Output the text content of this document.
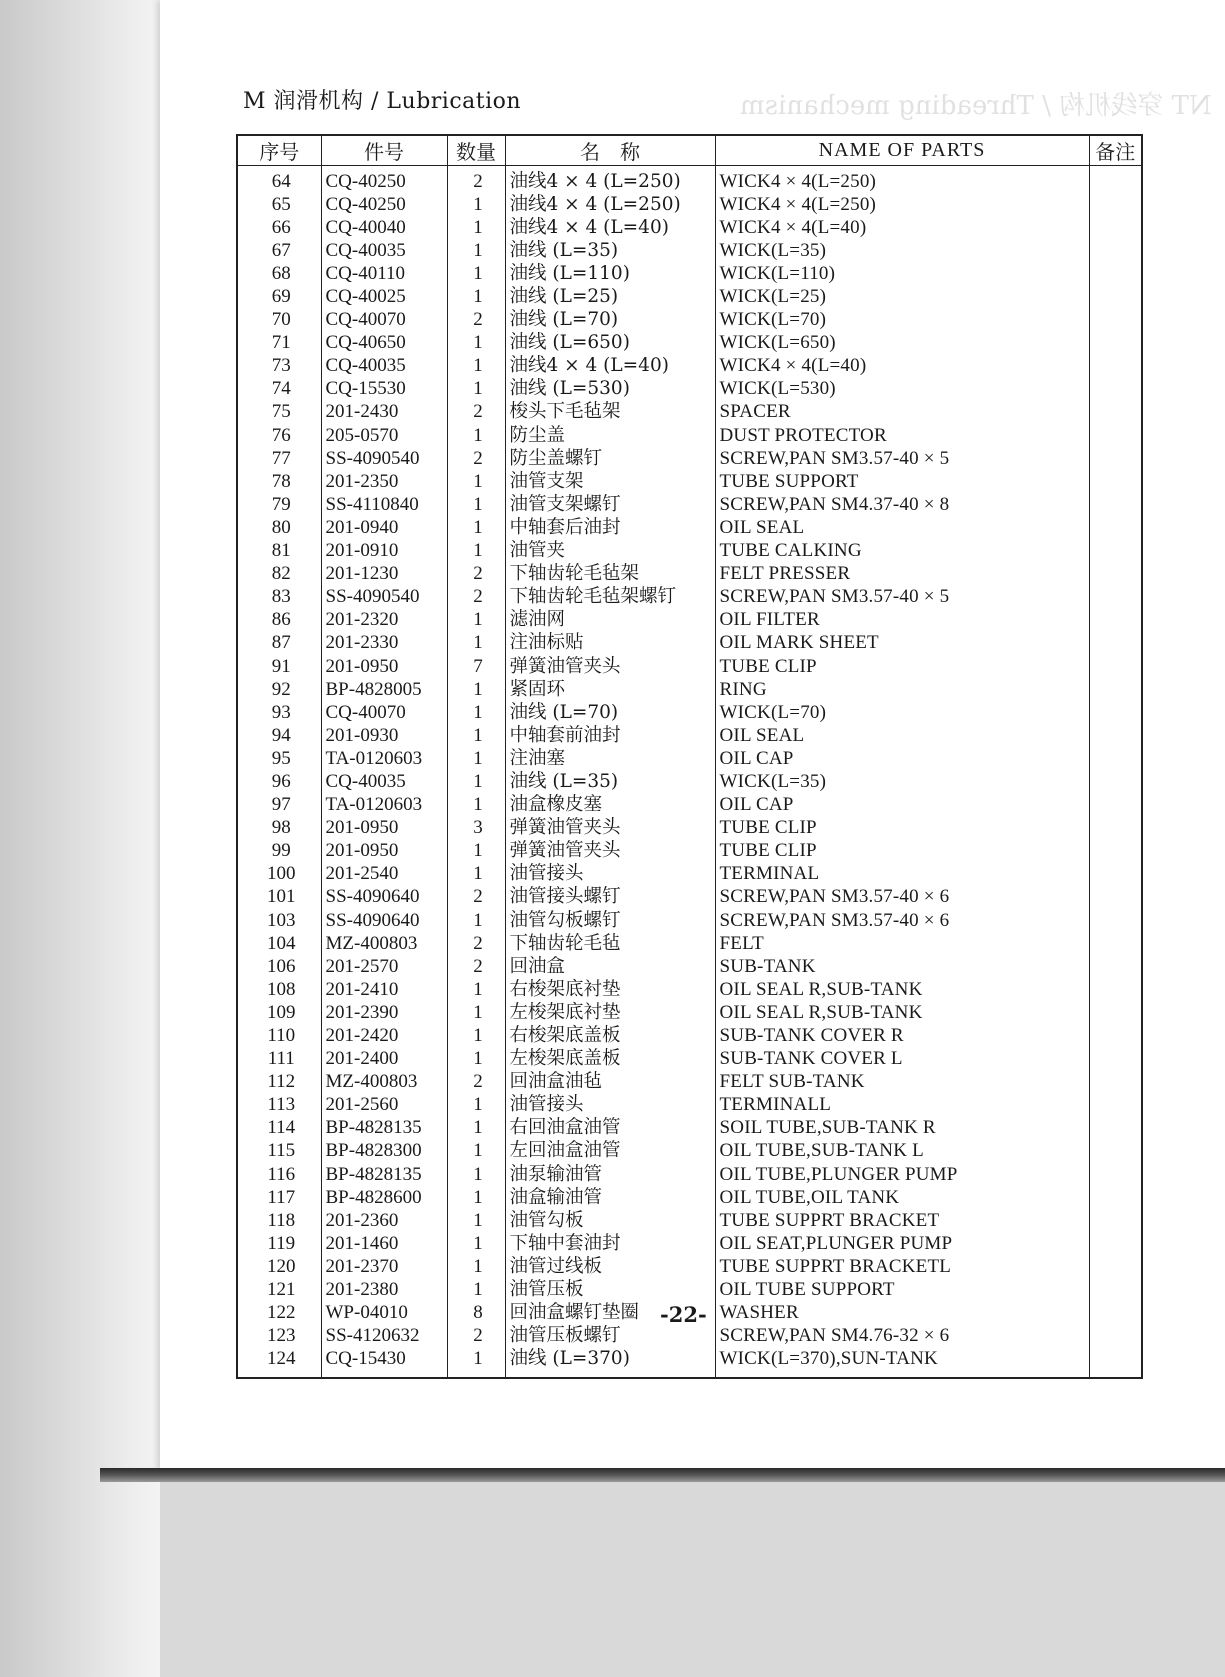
NT 穿线机构 / Threading mechanism
M 润滑机构 / Lubrication
序号	件号	数量	名　称	NAME OF PARTS	备注
64	CQ-40250	2	油线4 × 4 (L=250)	WICK4 × 4(L=250)	
65	CQ-40250	1	油线4 × 4 (L=250)	WICK4 × 4(L=250)	
66	CQ-40040	1	油线4 × 4 (L=40)	WICK4 × 4(L=40)	
67	CQ-40035	1	油线 (L=35)	WICK(L=35)	
68	CQ-40110	1	油线 (L=110)	WICK(L=110)	
69	CQ-40025	1	油线 (L=25)	WICK(L=25)	
70	CQ-40070	2	油线 (L=70)	WICK(L=70)	
71	CQ-40650	1	油线 (L=650)	WICK(L=650)	
73	CQ-40035	1	油线4 × 4 (L=40)	WICK4 × 4(L=40)	
74	CQ-15530	1	油线 (L=530)	WICK(L=530)	
75	201-2430	2	梭头下毛毡架	SPACER	
76	205-0570	1	防尘盖	DUST PROTECTOR	
77	SS-4090540	2	防尘盖螺钉	SCREW,PAN SM3.57-40 × 5	
78	201-2350	1	油管支架	TUBE SUPPORT	
79	SS-4110840	1	油管支架螺钉	SCREW,PAN SM4.37-40 × 8	
80	201-0940	1	中轴套后油封	OIL SEAL	
81	201-0910	1	油管夹	TUBE CALKING	
82	201-1230	2	下轴齿轮毛毡架	FELT PRESSER	
83	SS-4090540	2	下轴齿轮毛毡架螺钉	SCREW,PAN SM3.57-40 × 5	
86	201-2320	1	滤油网	OIL FILTER	
87	201-2330	1	注油标贴	OIL MARK SHEET	
91	201-0950	7	弹簧油管夹头	TUBE CLIP	
92	BP-4828005	1	紧固环	RING	
93	CQ-40070	1	油线 (L=70)	WICK(L=70)	
94	201-0930	1	中轴套前油封	OIL SEAL	
95	TA-0120603	1	注油塞	OIL CAP	
96	CQ-40035	1	油线 (L=35)	WICK(L=35)	
97	TA-0120603	1	油盒橡皮塞	OIL CAP	
98	201-0950	3	弹簧油管夹头	TUBE CLIP	
99	201-0950	1	弹簧油管夹头	TUBE CLIP	
100	201-2540	1	油管接头	TERMINAL	
101	SS-4090640	2	油管接头螺钉	SCREW,PAN SM3.57-40 × 6	
103	SS-4090640	1	油管勾板螺钉	SCREW,PAN SM3.57-40 × 6	
104	MZ-400803	2	下轴齿轮毛毡	FELT	
106	201-2570	2	回油盒	SUB-TANK	
108	201-2410	1	右梭架底衬垫	OIL SEAL R,SUB-TANK	
109	201-2390	1	左梭架底衬垫	OIL SEAL R,SUB-TANK	
110	201-2420	1	右梭架底盖板	SUB-TANK COVER R	
111	201-2400	1	左梭架底盖板	SUB-TANK COVER L	
112	MZ-400803	2	回油盒油毡	FELT SUB-TANK	
113	201-2560	1	油管接头	TERMINALL	
114	BP-4828135	1	右回油盒油管	SOIL TUBE,SUB-TANK R	
115	BP-4828300	1	左回油盒油管	OIL TUBE,SUB-TANK L	
116	BP-4828135	1	油泵输油管	OIL TUBE,PLUNGER PUMP	
117	BP-4828600	1	油盒输油管	OIL TUBE,OIL TANK	
118	201-2360	1	油管勾板	TUBE SUPPRT BRACKET	
119	201-1460	1	下轴中套油封	OIL SEAT,PLUNGER PUMP	
120	201-2370	1	油管过线板	TUBE SUPPRT BRACKETL	
121	201-2380	1	油管压板	OIL TUBE SUPPORT	
122	WP-04010	8	回油盒螺钉垫圈	WASHER	
123	SS-4120632	2	油管压板螺钉	SCREW,PAN SM4.76-32 × 6	
124	CQ-15430	1	油线 (L=370)	WICK(L=370),SUN-TANK	
-22-
